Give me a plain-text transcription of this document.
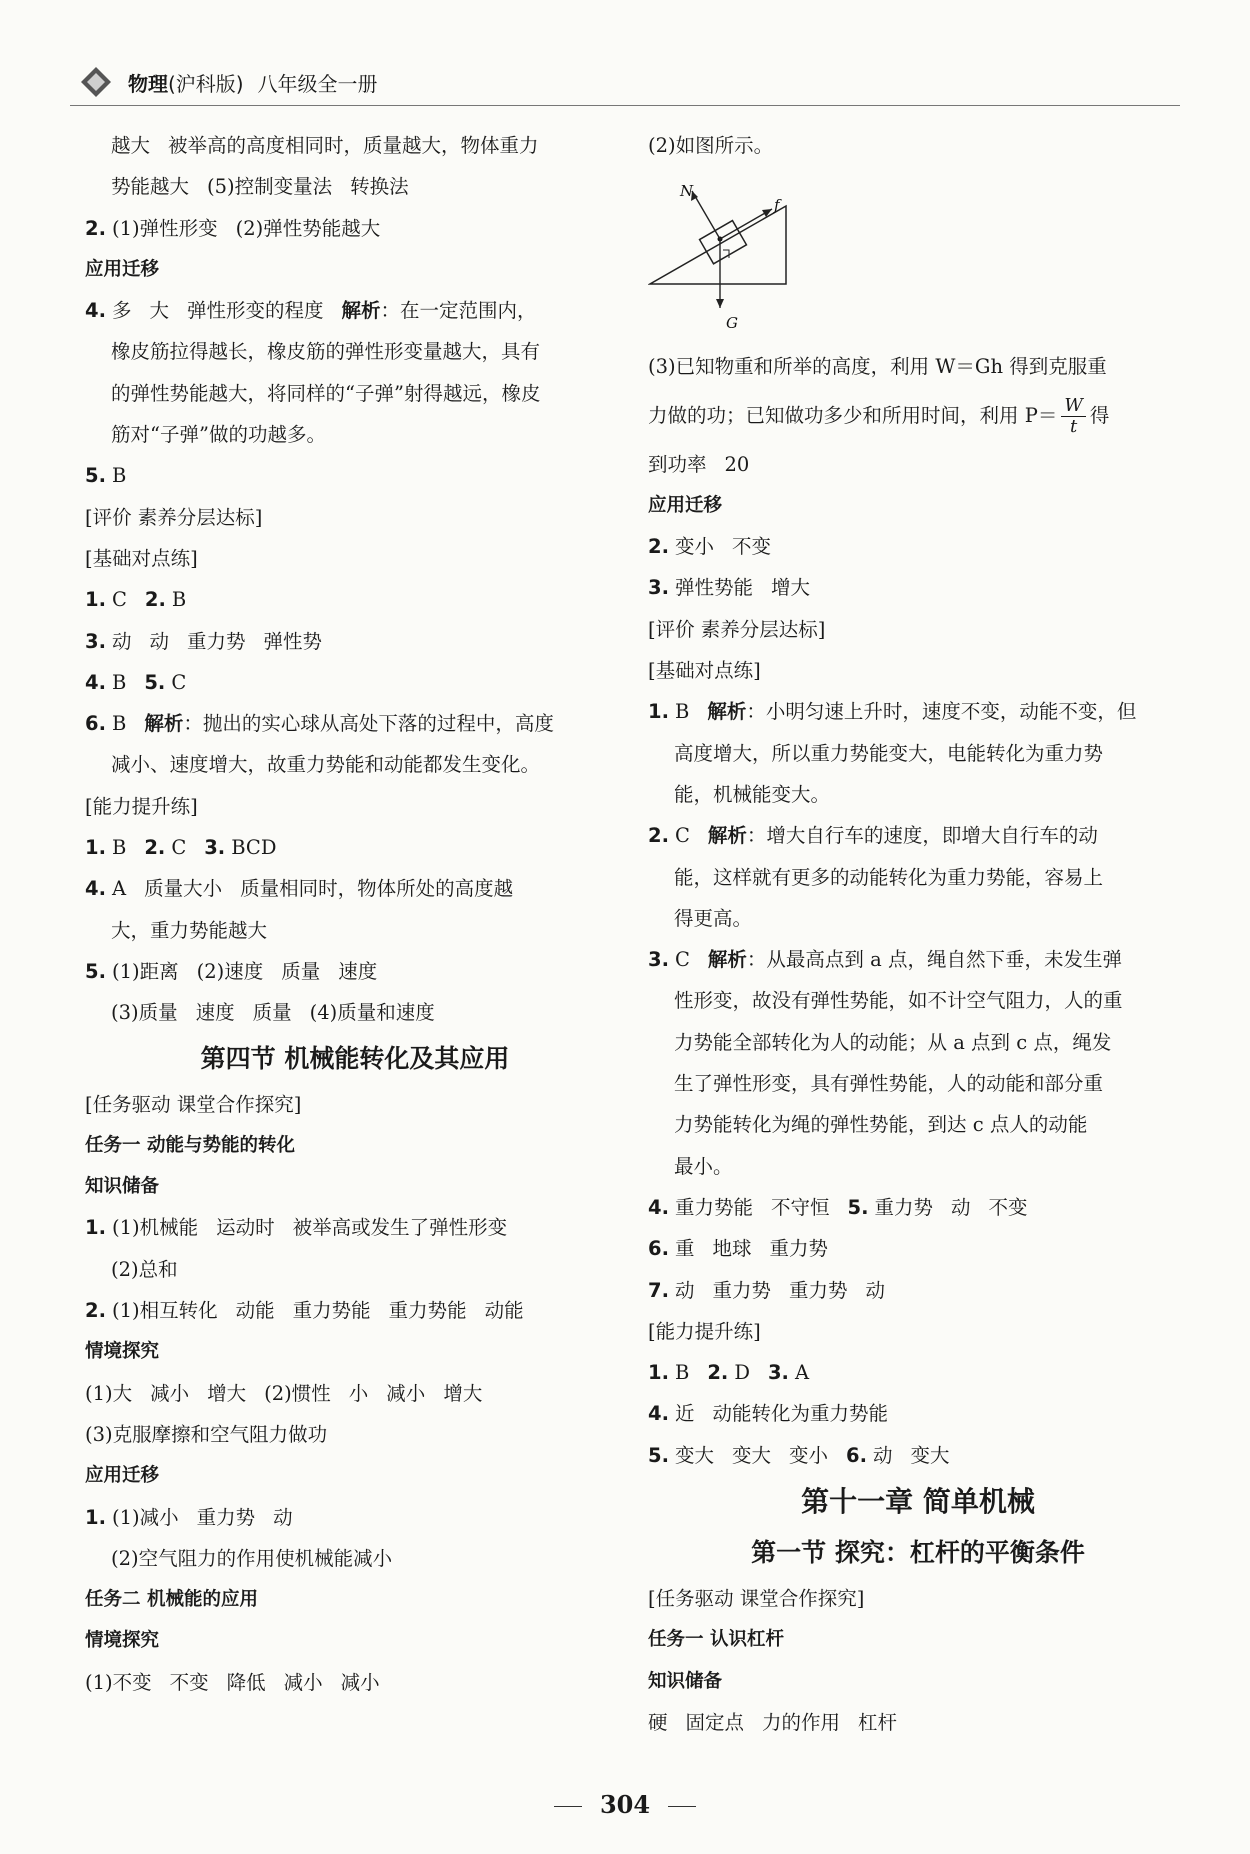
物理(沪科版) 八年级全一册
越大 被举高的高度相同时，质量越大，物体重力
势能越大 (5)控制变量法 转换法
2. (1)弹性形变 (2)弹性势能越大
应用迁移
4. 多 大 弹性形变的程度 解析：在一定范围内，
橡皮筋拉得越长，橡皮筋的弹性形变量越大，具有
的弹性势能越大，将同样的“子弹”射得越远，橡皮
筋对“子弹”做的功越多。
5. B
[评价 素养分层达标]
[基础对点练]
1. C 2. B
3. 动 动 重力势 弹性势
4. B 5. C
6. B 解析：抛出的实心球从高处下落的过程中，高度
减小、速度增大，故重力势能和动能都发生变化。
[能力提升练]
1. B 2. C 3. BCD
4. A 质量大小 质量相同时，物体所处的高度越
大，重力势能越大
5. (1)距离 (2)速度 质量 速度
(3)质量 速度 质量 (4)质量和速度
第四节 机械能转化及其应用
[任务驱动 课堂合作探究]
任务一 动能与势能的转化
知识储备
1. (1)机械能 运动时 被举高或发生了弹性形变
(2)总和
2. (1)相互转化 动能 重力势能 重力势能 动能
情境探究
(1)大 减小 增大 (2)惯性 小 减小 增大
(3)克服摩擦和空气阻力做功
应用迁移
1. (1)减小 重力势 动
(2)空气阻力的作用使机械能减小
任务二 机械能的应用
情境探究
(1)不变 不变 降低 减小 减小
(2)如图所示。
N
f
G
(3)已知物重和所举的高度，利用 W＝Gh 得到克服重
力做的功；已知做功多少和所用时间，利用 $P= \frac{W}{t}$ 得
到功率 20
应用迁移
2. 变小 不变
3. 弹性势能 增大
[评价 素养分层达标]
[基础对点练]
1. B 解析：小明匀速上升时，速度不变，动能不变，但
高度增大，所以重力势能变大，电能转化为重力势
能，机械能变大。
2. C 解析：增大自行车的速度，即增大自行车的动
能，这样就有更多的动能转化为重力势能，容易上
得更高。
3. C 解析：从最高点到 a 点，绳自然下垂，未发生弹
性形变，故没有弹性势能，如不计空气阻力，人的重
力势能全部转化为人的动能；从 a 点到 c 点，绳发
生了弹性形变，具有弹性势能，人的动能和部分重
力势能转化为绳的弹性势能，到达 c 点人的动能
最小。
4. 重力势能 不守恒 5. 重力势 动 不变
6. 重 地球 重力势
7. 动 重力势 重力势 动
[能力提升练]
1. B 2. D 3. A
4. 近 动能转化为重力势能
5. 变大 变大 变小 6. 动 变大
第十一章 简单机械
第一节 探究：杠杆的平衡条件
[任务驱动 课堂合作探究]
任务一 认识杠杆
知识储备
硬 固定点 力的作用 杠杆
304
